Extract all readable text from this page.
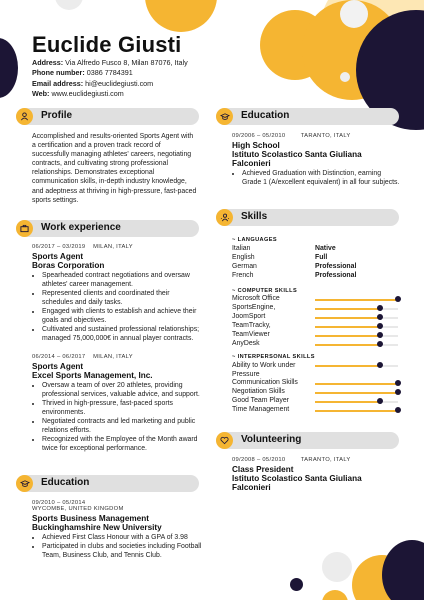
Euclide Giusti
Address: Via Alfredo Fusco 8, Milan 87076, Italy
Phone number: 0386 7784391
Email address: hi@euclidegiusti.com
Web: www.euclidegiusti.com
Profile
Accomplished and results-oriented Sports Agent with a certification and a proven track record of successfully managing athletes' careers, negotiating contracts, and cultivating strong professional relationships. Demonstrates exceptional communication skills, in-depth industry knowledge, and adeptness at thriving in high-pressure, fast-paced sports settings.
Work experience
06/2017 – 03/2019 MILAN, ITALY
Sports Agent
Boras Corporation
• Spearheaded contract negotiations and oversaw athletes' career management.
• Represented clients and coordinated their schedules and daily tasks.
• Engaged with clients to establish and achieve their goals and objectives.
• Cultivated and sustained professional relationships; managed 75,000,000€ in annual player contracts.
06/2014 – 06/2017 MILAN, ITALY
Sports Agent
Excel Sports Management, Inc.
• Oversaw a team of over 20 athletes, providing professional services, valuable advice, and support.
• Thrived in high-pressure, fast-paced sports environments.
• Negotiated contracts and led marketing and public relations efforts.
• Recognized with the Employee of the Month award twice for exceptional performance.
Education
09/2010 – 05/2014
WYCOMBE, UNITED KINGDOM
Sports Business Management
Buckinghamshire New University
• Achieved First Class Honour with a GPA of 3.98
• Participated in clubs and societies including Football Team, Business Club, and Tennis Club.
Education
09/2006 – 05/2010	TARANTO, ITALY
High School
Istituto Scolastico Santa Giuliana Falconieri
• Achieved Graduation with Distinction, earning Grade 1 (A/excellent equivalent) in all four subjects.
Skills
~ LANGUAGES
Italian	Native
English	Full
German	Professional
French	Professional
~ COMPUTER SKILLS
Microsoft Office
SportsEngine,
JoomSport
TeamTracky,
TeamViewer
AnyDesk
~ INTERPERSONAL SKILLS
Ability to Work under
Pressure
Communication Skills
Negotiation Skills
Good Team Player
Time Management
Volunteering
09/2008 – 05/2010	TARANTO, ITALY
Class President
Istituto Scolastico Santa Giuliana Falconieri
